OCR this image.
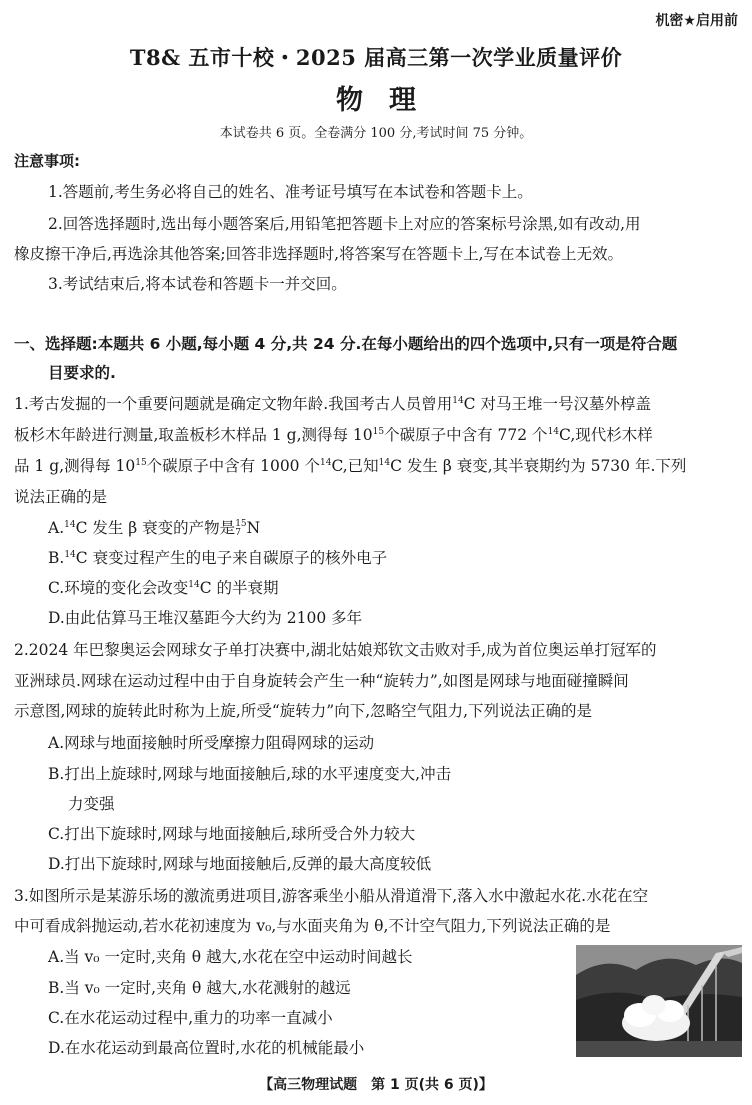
机密★启用前
T8& 五市十校・2025 届高三第一次学业质量评价
物理
本试卷共 6 页。全卷满分 100 分,考试时间 75 分钟。
注意事项:
1.答题前,考生务必将自己的姓名、准考证号填写在本试卷和答题卡上。
2.回答选择题时,选出每小题答案后,用铅笔把答题卡上对应的答案标号涂黑,如有改动,用
橡皮擦干净后,再选涂其他答案;回答非选择题时,将答案写在答题卡上,写在本试卷上无效。
3.考试结束后,将本试卷和答题卡一并交回。
一、选择题:本题共 6 小题,每小题 4 分,共 24 分.在每小题给出的四个选项中,只有一项是符合题
目要求的.
1.考古发掘的一个重要问题就是确定文物年龄.我国考古人员曾用$^{14}$C 对马王堆一号汉墓外椁盖
板杉木年龄进行测量,取盖板杉木样品 1 g,测得每 $10^{15}$个碳原子中含有 772 个$^{14}$C,现代杉木样
品 1 g,测得每 $10^{15}$个碳原子中含有 1000 个$^{14}$C,已知$^{14}$C 发生 β 衰变,其半衰期约为 5730 年.下列
说法正确的是
A.$^{14}$C 发生 β 衰变的产物是 15
7 N
B.$^{14}$C 衰变过程产生的电子来自碳原子的核外电子
C.环境的变化会改变$^{14}$C 的半衰期
D.由此估算马王堆汉墓距今大约为 2100 多年
2.2024 年巴黎奥运会网球女子单打决赛中,湖北姑娘郑钦文击败对手,成为首位奥运单打冠军的
亚洲球员.网球在运动过程中由于自身旋转会产生一种“旋转力”,如图是网球与地面碰撞瞬间
示意图,网球的旋转此时称为上旋,所受“旋转力”向下,忽略空气阻力,下列说法正确的是
A.网球与地面接触时所受摩擦力阻碍网球的运动
B.打出上旋球时,网球与地面接触后,球的水平速度变大,冲击
力变强
C.打出下旋球时,网球与地面接触后,球所受合外力较大
D.打出下旋球时,网球与地面接触后,反弹的最大高度较低
3.如图所示是某游乐场的激流勇进项目,游客乘坐小船从滑道滑下,落入水中激起水花.水花在空
中可看成斜抛运动,若水花初速度为 v₀,与水面夹角为 θ,不计空气阻力,下列说法正确的是
A.当 v₀ 一定时,夹角 θ 越大,水花在空中运动时间越长
B.当 v₀ 一定时,夹角 θ 越大,水花溅射的越远
C.在水花运动过程中,重力的功率一直减小
D.在水花运动到最高位置时,水花的机械能最小
【高三物理试题　第 1 页(共 6 页)】
